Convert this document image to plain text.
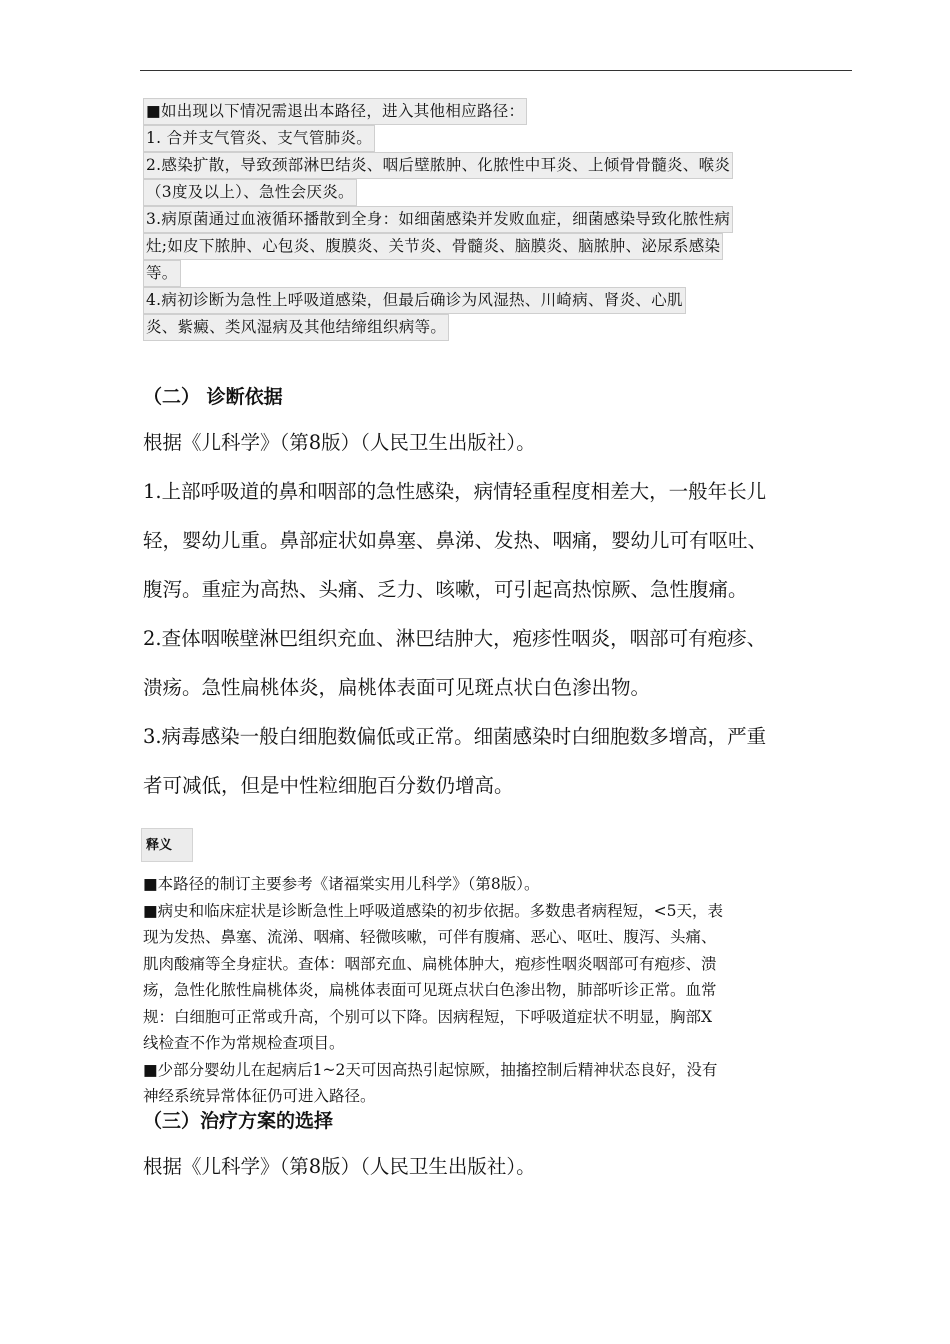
■如出现以下情况需退出本路径，进入其他相应路径：
1. 合并支气管炎、支气管肺炎。
2.感染扩散，导致颈部淋巴结炎、咽后壁脓肿、化脓性中耳炎、上倾骨骨髓炎、喉炎
（3度及以上）、急性会厌炎。
3.病原菌通过血液循环播散到全身：如细菌感染并发败血症，细菌感染导致化脓性病
灶;如皮下脓肿、心包炎、腹膜炎、关节炎、骨髓炎、脑膜炎、脑脓肿、泌尿系感染
等。
4.病初诊断为急性上呼吸道感染，但最后确诊为风湿热、川崎病、肾炎、心肌
炎、紫癜、类风湿病及其他结缔组织病等。
（二） 诊断依据

根据《儿科学》（第8版）（人民卫生出版社）。

1.上部呼吸道的鼻和咽部的急性感染，病情轻重程度相差大，一般年长儿

轻，婴幼儿重。鼻部症状如鼻塞、鼻涕、发热、咽痛，婴幼儿可有呕吐、

腹泻。重症为高热、头痛、乏力、咳嗽，可引起高热惊厥、急性腹痛。

2.查体咽喉壁淋巴组织充血、淋巴结肿大，疱疹性咽炎，咽部可有疱疹、

溃疡。急性扁桃体炎，扁桃体表面可见斑点状白色渗出物。

3.病毒感染一般白细胞数偏低或正常。细菌感染时白细胞数多增高，严重

者可减低，但是中性粒细胞百分数仍增高。

释义

■本路径的制订主要参考《诸福棠实用儿科学》（第8版）。

■病史和临床症状是诊断急性上呼吸道感染的初步依据。多数患者病程短，<5天，表

现为发热、鼻塞、流涕、咽痛、轻微咳嗽，可伴有腹痛、恶心、呕吐、腹泻、头痛、

肌肉酸痛等全身症状。查体：咽部充血、扁桃体肿大，疱疹性咽炎咽部可有疱疹、溃

疡，急性化脓性扁桃体炎，扁桃体表面可见斑点状白色渗出物，肺部听诊正常。血常

规：白细胞可正常或升高，个别可以下降。因病程短，下呼吸道症状不明显，胸部X

线检查不作为常规检查项目。

■少部分婴幼儿在起病后1~2天可因高热引起惊厥，抽搐控制后精神状态良好，没有

神经系统异常体征仍可进入路径。

（三）治疗方案的选择

根据《儿科学》（第8版）（人民卫生出版社）。
